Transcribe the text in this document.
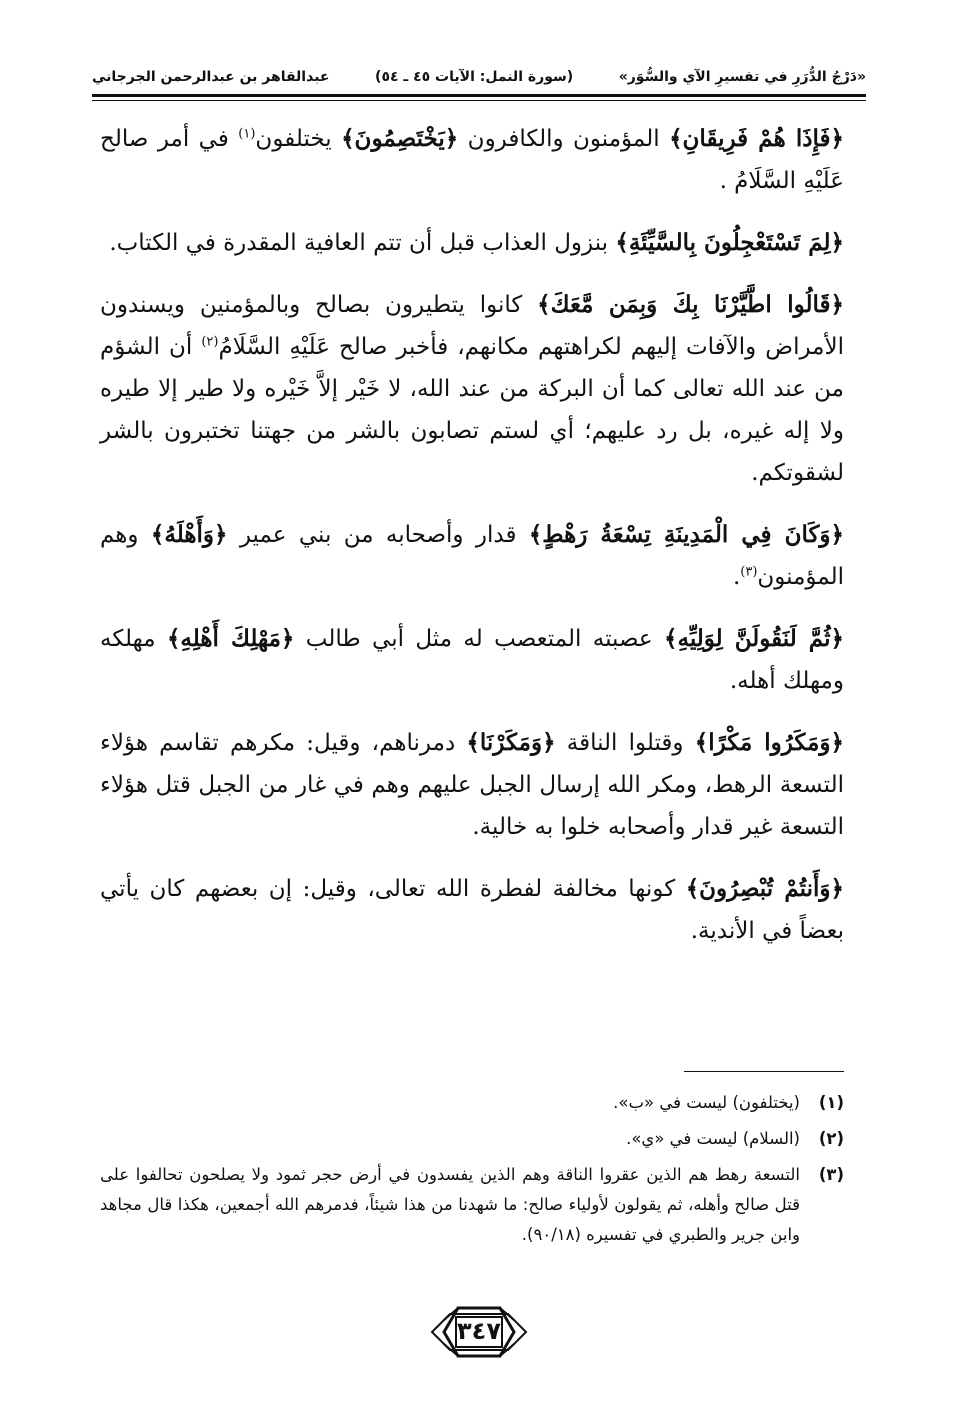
«دَرْجُ الدُّرَرِ في تفسيرِ الآي والسُّوَر»
(سورة النمل: الآيات ٤٥ ـ ٥٤)
عبدالقاهر بن عبدالرحمن الجرجاني

﴿فَإِذَا هُمْ فَرِيقَانِ﴾ المؤمنون والكافرون ﴿يَخْتَصِمُونَ﴾ يختلفون$^{(١)}$ في أمر صالح عَلَيْهِ السَّلَامُ .

﴿لِمَ تَسْتَعْجِلُونَ بِالسَّيِّئَةِ﴾ بنزول العذاب قبل أن تتم العافية المقدرة في الكتاب.

﴿قَالُوا اطَّيَّرْنَا بِكَ وَبِمَن مَّعَكَ﴾ كانوا يتطيرون بصالح وبالمؤمنين ويسندون الأمراض والآفات إليهم لكراهتهم مكانهم، فأخبر صالح عَلَيْهِ السَّلَامُ$^{(٢)}$ أن الشؤم من عند الله تعالى كما أن البركة من عند الله، لا خَيْر إلاَّ خَيْره ولا طير إلا طيره ولا إله غيره، بل رد عليهم؛ أي لستم تصابون بالشر من جهتنا تختبرون بالشر لشقوتكم.

﴿وَكَانَ فِي الْمَدِينَةِ تِسْعَةُ رَهْطٍ﴾ قدار وأصحابه من بني عمير ﴿وَأَهْلَهُ﴾ وهم المؤمنون$^{(٣)}$.

﴿ثُمَّ لَنَقُولَنَّ لِوَلِيِّهِ﴾ عصبته المتعصب له مثل أبي طالب ﴿مَهْلِكَ أَهْلِهِ﴾ مهلكه ومهلك أهله.

﴿وَمَكَرُوا مَكْرًا﴾ وقتلوا الناقة ﴿وَمَكَرْنَا﴾ دمرناهم، وقيل: مكرهم تقاسم هؤلاء التسعة الرهط، ومكر الله إرسال الجبل عليهم وهم في غار من الجبل قتل هؤلاء التسعة غير قدار وأصحابه خلوا به خالية.

﴿وَأَنتُمْ تُبْصِرُونَ﴾ كونها مخالفة لفطرة الله تعالى، وقيل: إن بعضهم كان يأتي بعضاً في الأندية.

(١)
(يختلفون) ليست في «ب».
(٢)
(السلام) ليست في «ي».
(٣)
التسعة رهط هم الذين عقروا الناقة وهم الذين يفسدون في أرض حجر ثمود ولا يصلحون تحالفوا على قتل صالح وأهله، ثم يقولون لأولياء صالح: ما شهدنا من هذا شيئاً، فدمرهم الله أجمعين، هكذا قال مجاهد وابن جرير والطبري في تفسيره (٩٠/١٨).
٣٤٧
